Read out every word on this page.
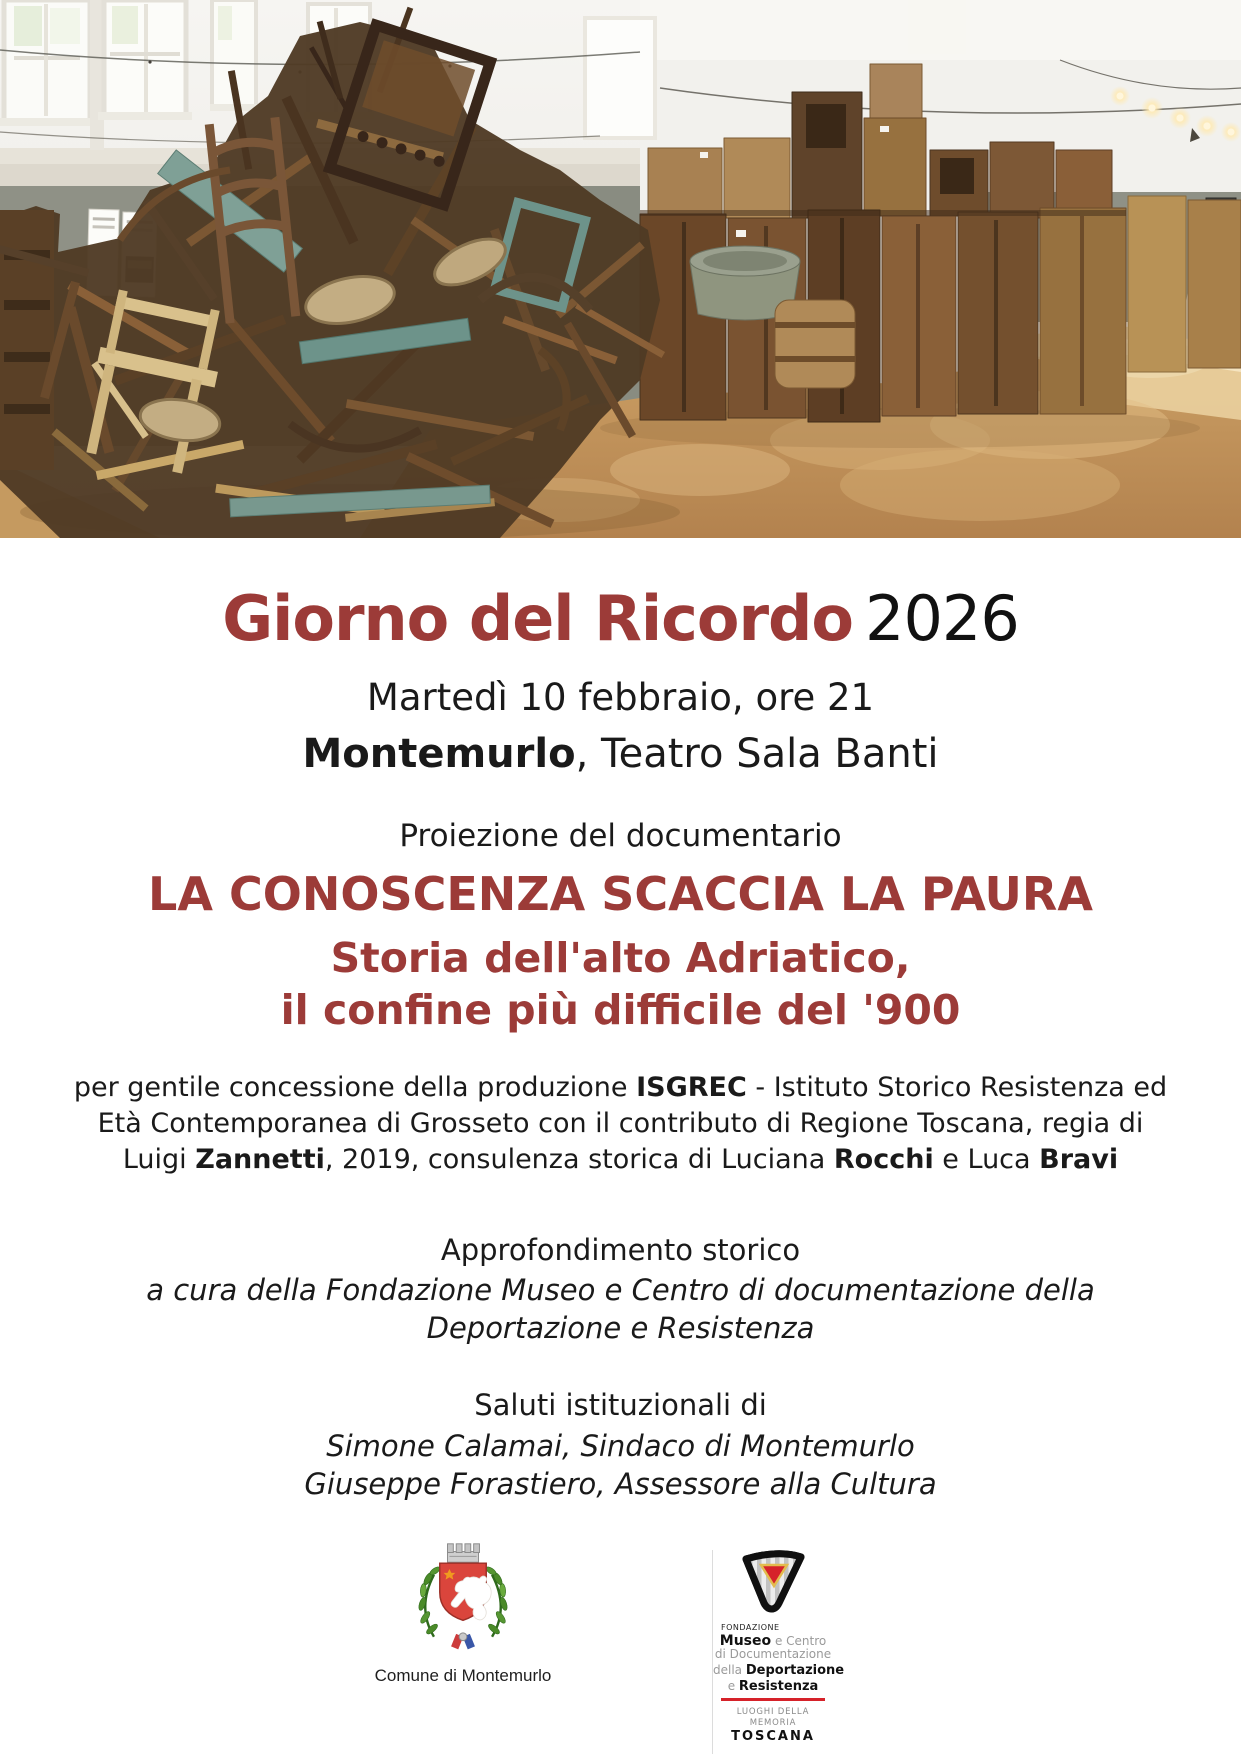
Giorno del Ricordo 2026
Martedì 10 febbraio, ore 21
Montemurlo, Teatro Sala Banti
Proiezione del documentario
LA CONOSCENZA SCACCIA LA PAURA
Storia dell'alto Adriatico,
il confine più difficile del '900
per gentile concessione della produzione ISGREC - Istituto Storico Resistenza ed
Età Contemporanea di Grosseto con il contributo di Regione Toscana, regia di
Luigi Zannetti, 2019, consulenza storica di Luciana Rocchi e Luca Bravi
Approfondimento storico
a cura della Fondazione Museo e Centro di documentazione della
Deportazione e Resistenza
Saluti istituzionali di
Simone Calamai, Sindaco di Montemurlo
Giuseppe Forastiero, Assessore alla Cultura
Comune di Montemurlo
FONDAZIONE
Museo e Centro
di Documentazione
della Deportazione
e Resistenza
LUOGHI DELLA MEMORIA
TOSCANA
